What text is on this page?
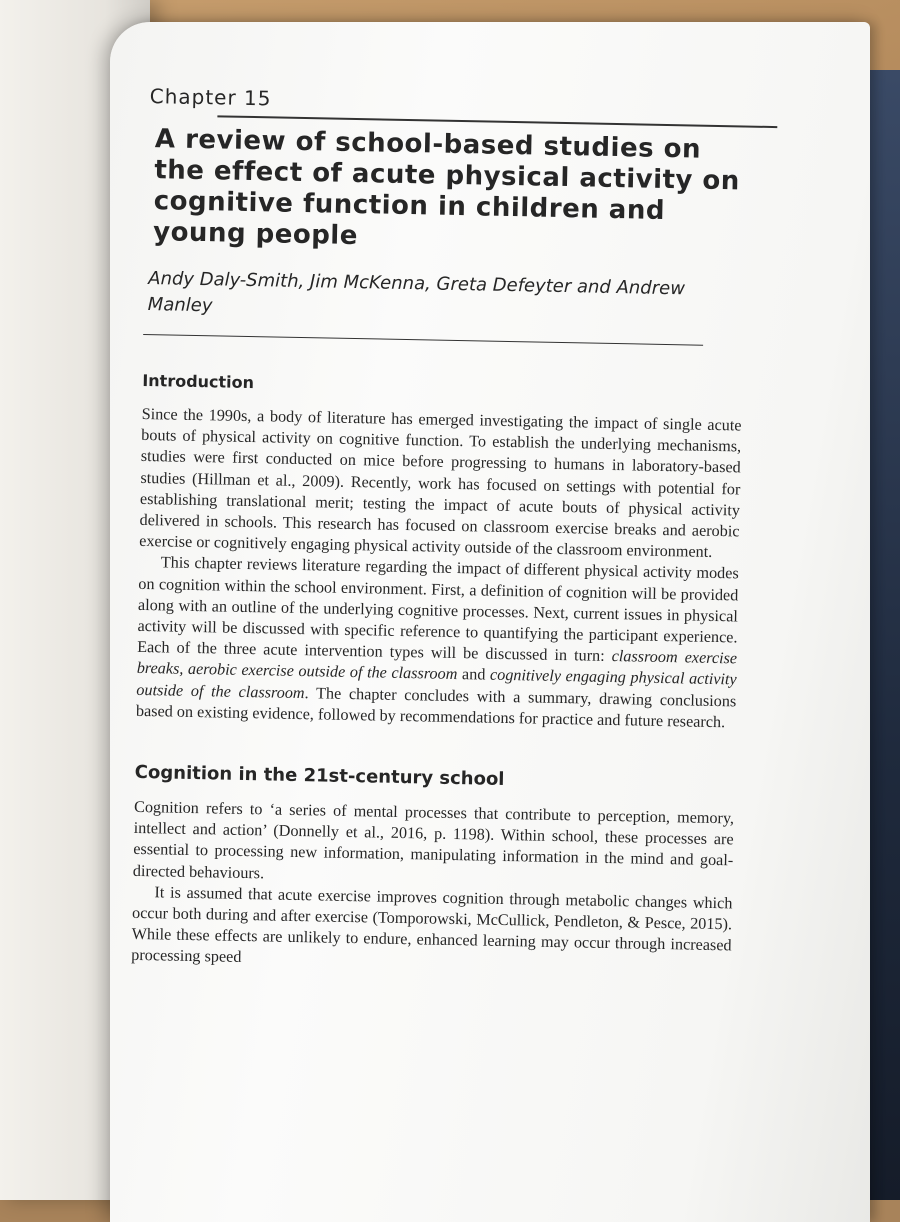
Chapter 15
A review of school-based studies on the effect of acute physical activity on cognitive function in children and young people
Andy Daly-Smith, Jim McKenna, Greta Defeyter and Andrew Manley
Introduction

Since the 1990s, a body of literature has emerged investigating the impact of single acute bouts of physical activity on cognitive function. To establish the underlying mechanisms, studies were first conducted on mice before progressing to humans in laboratory-based studies (Hillman et al., 2009). Recently, work has focused on settings with potential for establishing translational merit; testing the impact of acute bouts of physical activity delivered in schools. This research has focused on classroom exercise breaks and aerobic exercise or cognitively engaging physical activity outside of the classroom environment.

This chapter reviews literature regarding the impact of different physical activity modes on cognition within the school environment. First, a definition of cognition will be provided along with an outline of the underlying cognitive processes. Next, current issues in physical activity will be discussed with specific reference to quantifying the participant experience. Each of the three acute intervention types will be discussed in turn: classroom exercise breaks, aerobic exercise outside of the classroom and cognitively engaging physical activity outside of the classroom. The chapter concludes with a summary, drawing conclusions based on existing evidence, followed by recommendations for practice and future research.

Cognition in the 21st-century school

Cognition refers to ‘a series of mental processes that contribute to perception, memory, intellect and action’ (Donnelly et al., 2016, p. 1198). Within school, these processes are essential to processing new information, manipulating information in the mind and goal-directed behaviours.

It is assumed that acute exercise improves cognition through metabolic changes which occur both during and after exercise (Tomporowski, McCullick, Pendleton, & Pesce, 2015). While these effects are unlikely to endure, enhanced learning may occur through increased processing speed
